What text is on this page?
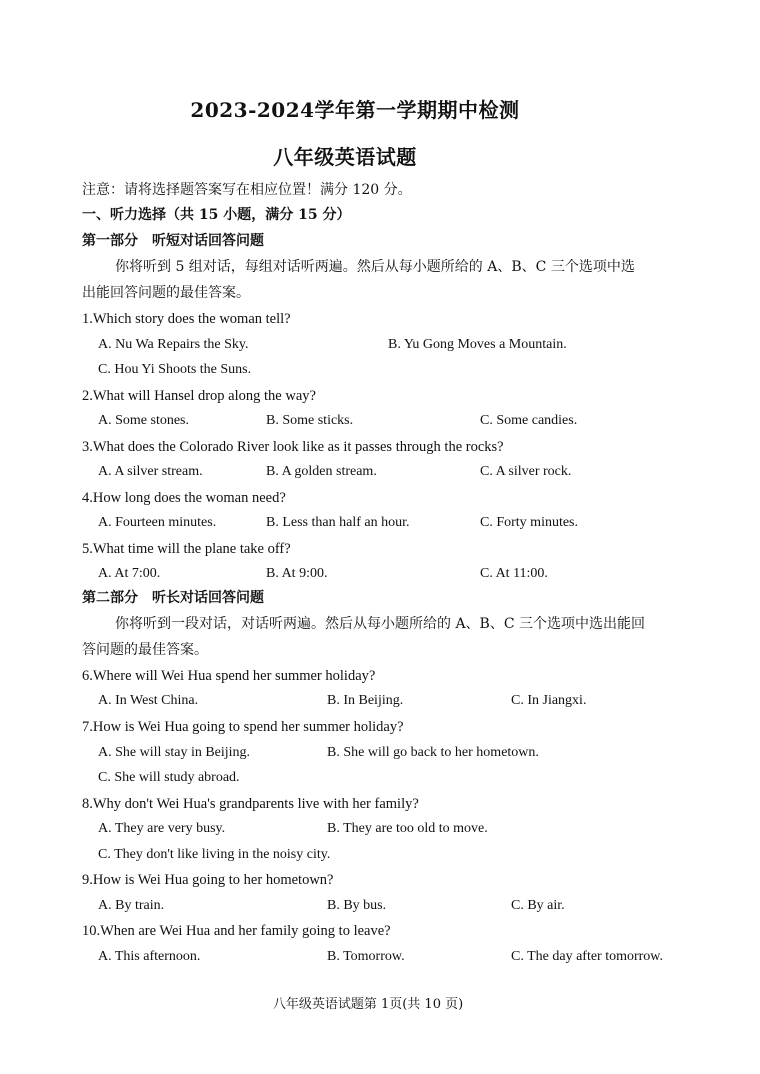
2023-2024学年第一学期期中检测
八年级英语试题
注意：请将选择题答案写在相应位置！满分 120 分。
一、听力选择（共 15 小题，满分 15 分）
第一部分　听短对话回答问题
你将听到 5 组对话，每组对话听两遍。然后从每小题所给的 A、B、C 三个选项中选
出能回答问题的最佳答案。
1.Which story does the woman tell?
A. Nu Wa Repairs the Sky.	B. Yu Gong Moves a Mountain.
C. Hou Yi Shoots the Suns.
2.What will Hansel drop along the way?
A. Some stones.	B. Some sticks.	C. Some candies.
3.What does the Colorado River look like as it passes through the rocks?
A. A silver stream.	B. A golden stream.	C. A silver rock.
4.How long does the woman need?
A. Fourteen minutes.	B. Less than half an hour.	C. Forty minutes.
5.What time will the plane take off?
A. At 7:00.	B. At 9:00.	C. At 11:00.
第二部分　听长对话回答问题
你将听到一段对话，对话听两遍。然后从每小题所给的 A、B、C 三个选项中选出能回
答问题的最佳答案。
6.Where will Wei Hua spend her summer holiday?
A. In West China.	B. In Beijing.	C. In Jiangxi.
7.How is Wei Hua going to spend her summer holiday?
A. She will stay in Beijing.	B. She will go back to her hometown.
C. She will study abroad.
8.Why don't Wei Hua's grandparents live with her family?
A. They are very busy.	B. They are too old to move.
C. They don't like living in the noisy city.
9.How is Wei Hua going to her hometown?
A. By train.	B. By bus.	C. By air.
10.When are Wei Hua and her family going to leave?
A. This afternoon.	B. Tomorrow.	C. The day after tomorrow.
八年级英语试题第 1页(共 10 页)
